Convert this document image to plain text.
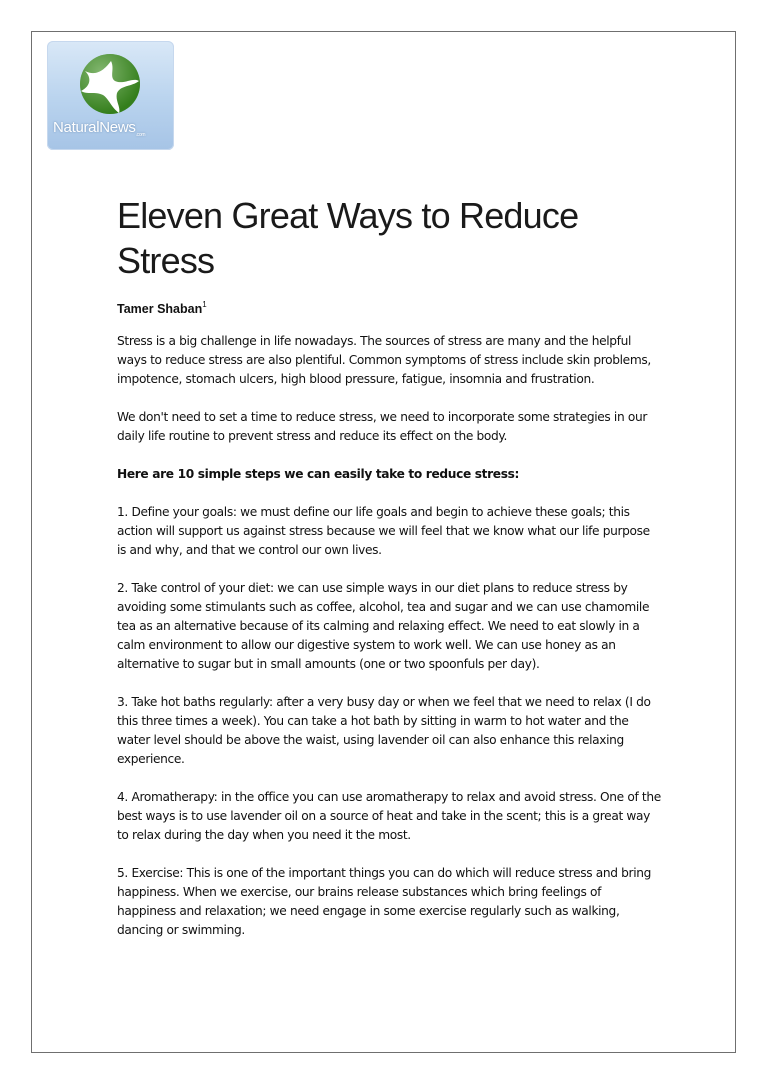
NaturalNews$_{.com}$
Eleven Great Ways to Reduce Stress
Tamer Shaban$^1$

Stress is a big challenge in life nowadays. The sources of stress are many and the helpful ways to reduce stress are also plentiful. Common symptoms of stress include skin problems, impotence, stomach ulcers, high blood pressure, fatigue, insomnia and frustration.

We don't need to set a time to reduce stress, we need to incorporate some strategies in our daily life routine to prevent stress and reduce its effect on the body.

Here are 10 simple steps we can easily take to reduce stress:

1. Define your goals: we must define our life goals and begin to achieve these goals; this action will support us against stress because we will feel that we know what our life purpose is and why, and that we control our own lives.

2. Take control of your diet: we can use simple ways in our diet plans to reduce stress by avoiding some stimulants such as coffee, alcohol, tea and sugar and we can use chamomile tea as an alternative because of its calming and relaxing effect. We need to eat slowly in a calm environment to allow our digestive system to work well. We can use honey as an alternative to sugar but in small amounts (one or two spoonfuls per day).

3. Take hot baths regularly: after a very busy day or when we feel that we need to relax (I do this three times a week). You can take a hot bath by sitting in warm to hot water and the water level should be above the waist, using lavender oil can also enhance this relaxing experience.

4. Aromatherapy: in the office you can use aromatherapy to relax and avoid stress. One of the best ways is to use lavender oil on a source of heat and take in the scent; this is a great way to relax during the day when you need it the most.

5. Exercise: This is one of the important things you can do which will reduce stress and bring happiness. When we exercise, our brains release substances which bring feelings of happiness and relaxation; we need engage in some exercise regularly such as walking, dancing or swimming.
